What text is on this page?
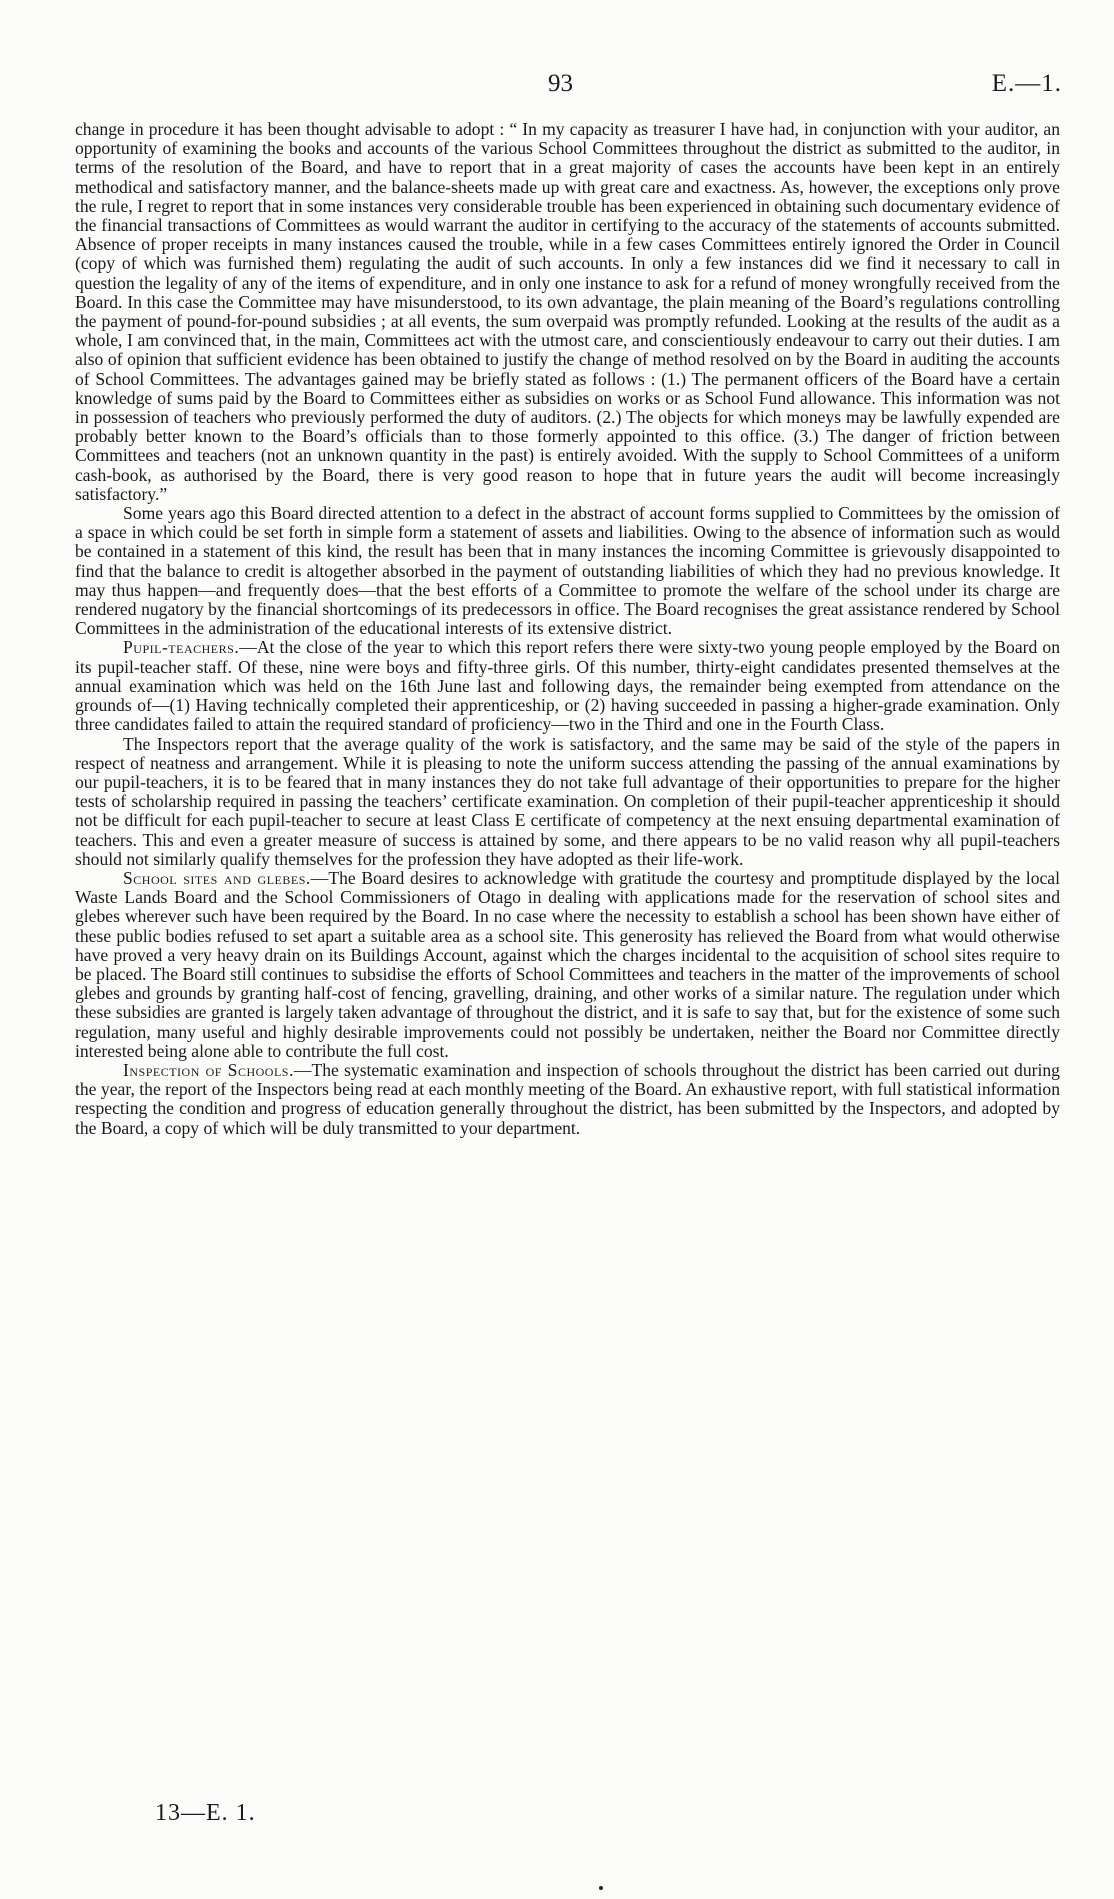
93	E.—1.

change in procedure it has been thought advisable to adopt : “ In my capacity as treasurer I have had, in conjunction with your auditor, an opportunity of examining the books and accounts of the various School Committees throughout the district as submitted to the auditor, in terms of the resolution of the Board, and have to report that in a great majority of cases the accounts have been kept in an entirely methodical and satisfactory manner, and the balance-sheets made up with great care and exactness. As, however, the exceptions only prove the rule, I regret to report that in some instances very considerable trouble has been experienced in obtaining such documentary evidence of the financial transactions of Committees as would warrant the auditor in certifying to the accuracy of the statements of accounts submitted. Absence of proper receipts in many instances caused the trouble, while in a few cases Committees entirely ignored the Order in Council (copy of which was furnished them) regulating the audit of such accounts. In only a few instances did we find it necessary to call in question the legality of any of the items of expenditure, and in only one instance to ask for a refund of money wrongfully received from the Board. In this case the Committee may have misunderstood, to its own advantage, the plain meaning of the Board’s regulations controlling the payment of pound-for-pound subsidies ; at all events, the sum overpaid was promptly refunded. Looking at the results of the audit as a whole, I am convinced that, in the main, Committees act with the utmost care, and conscientiously endeavour to carry out their duties. I am also of opinion that sufficient evidence has been obtained to justify the change of method resolved on by the Board in auditing the accounts of School Committees. The advantages gained may be briefly stated as follows : (1.) The permanent officers of the Board have a certain knowledge of sums paid by the Board to Committees either as subsidies on works or as School Fund allowance. This information was not in possession of teachers who previously performed the duty of auditors. (2.) The objects for which moneys may be lawfully expended are probably better known to the Board’s officials than to those formerly appointed to this office. (3.) The danger of friction between Committees and teachers (not an unknown quantity in the past) is entirely avoided. With the supply to School Committees of a uniform cash-book, as authorised by the Board, there is very good reason to hope that in future years the audit will become increasingly satisfactory.”

Some years ago this Board directed attention to a defect in the abstract of account forms supplied to Committees by the omission of a space in which could be set forth in simple form a statement of assets and liabilities. Owing to the absence of information such as would be contained in a statement of this kind, the result has been that in many instances the incoming Committee is grievously disappointed to find that the balance to credit is altogether absorbed in the payment of outstanding liabilities of which they had no previous knowledge. It may thus happen—and frequently does—that the best efforts of a Committee to promote the welfare of the school under its charge are rendered nugatory by the financial shortcomings of its predecessors in office. The Board recognises the great assistance rendered by School Committees in the administration of the educational interests of its extensive district.

Pupil-teachers.—At the close of the year to which this report refers there were sixty-two young people employed by the Board on its pupil-teacher staff. Of these, nine were boys and fifty-three girls. Of this number, thirty-eight candidates presented themselves at the annual examination which was held on the 16th June last and following days, the remainder being exempted from attendance on the grounds of—(1) Having technically completed their apprenticeship, or (2) having succeeded in passing a higher-grade examination. Only three candidates failed to attain the required standard of proficiency—two in the Third and one in the Fourth Class.

The Inspectors report that the average quality of the work is satisfactory, and the same may be said of the style of the papers in respect of neatness and arrangement. While it is pleasing to note the uniform success attending the passing of the annual examinations by our pupil-teachers, it is to be feared that in many instances they do not take full advantage of their opportunities to prepare for the higher tests of scholarship required in passing the teachers’ certificate examination. On completion of their pupil-teacher apprenticeship it should not be difficult for each pupil-teacher to secure at least Class E certificate of competency at the next ensuing departmental examination of teachers. This and even a greater measure of success is attained by some, and there appears to be no valid reason why all pupil-teachers should not similarly qualify themselves for the profession they have adopted as their life-work.

School sites and glebes.—The Board desires to acknowledge with gratitude the courtesy and promptitude displayed by the local Waste Lands Board and the School Commissioners of Otago in dealing with applications made for the reservation of school sites and glebes wherever such have been required by the Board. In no case where the necessity to establish a school has been shown have either of these public bodies refused to set apart a suitable area as a school site. This generosity has relieved the Board from what would otherwise have proved a very heavy drain on its Buildings Account, against which the charges incidental to the acquisition of school sites require to be placed. The Board still continues to subsidise the efforts of School Committees and teachers in the matter of the improvements of school glebes and grounds by granting half-cost of fencing, gravelling, draining, and other works of a similar nature. The regulation under which these subsidies are granted is largely taken advantage of throughout the district, and it is safe to say that, but for the existence of some such regulation, many useful and highly desirable improvements could not possibly be undertaken, neither the Board nor Committee directly interested being alone able to contribute the full cost.

Inspection of Schools.—The systematic examination and inspection of schools throughout the district has been carried out during the year, the report of the Inspectors being read at each monthly meeting of the Board. An exhaustive report, with full statistical information respecting the condition and progress of education generally throughout the district, has been submitted by the Inspectors, and adopted by the Board, a copy of which will be duly transmitted to your department.

13—E. 1.
